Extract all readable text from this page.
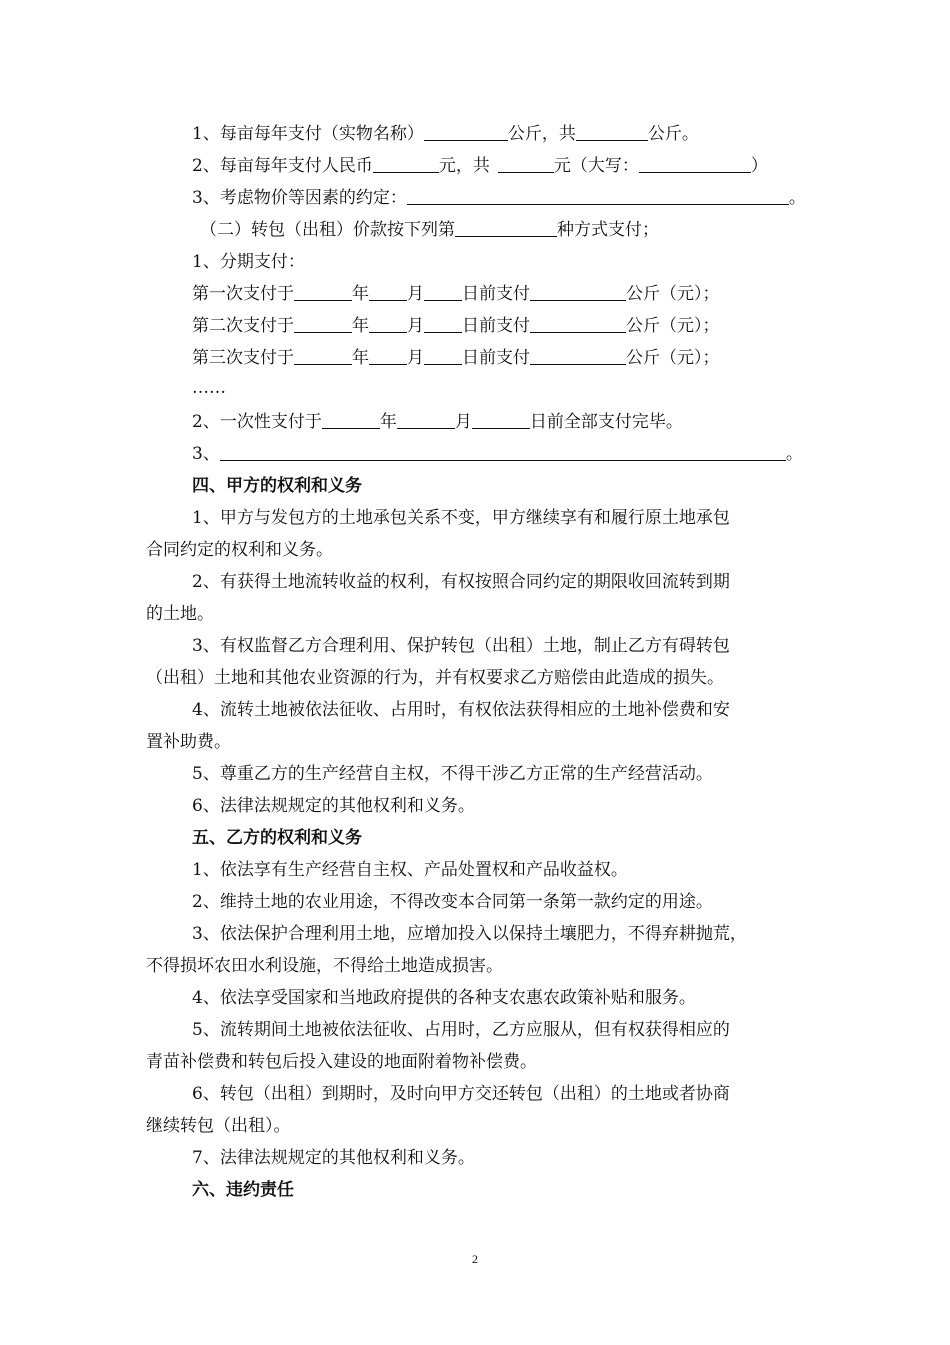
1、每亩每年支付（实物名称）	公斤，共	公斤。
2、每亩每年支付人民币	元，共	元（大写：	）
3、考虑物价等因素的约定：	。
（二）转包（出租）价款按下列第	种方式支付；
1、分期支付：
第一次支付于	年 月 日前支付	公斤（元）；
第二次支付于	年 月 日前支付	公斤（元）；
第三次支付于	年 月 日前支付	公斤（元）；
……
2、一次性支付于	年	月	日前全部支付完毕。
3、	。
四、甲方的权利和义务
1、甲方与发包方的土地承包关系不变，甲方继续享有和履行原土地承包
合同约定的权利和义务。
2、有获得土地流转收益的权利，有权按照合同约定的期限收回流转到期
的土地。
3、有权监督乙方合理利用、保护转包（出租）土地，制止乙方有碍转包
（出租）土地和其他农业资源的行为，并有权要求乙方赔偿由此造成的损失。
4、流转土地被依法征收、占用时，有权依法获得相应的土地补偿费和安
置补助费。
5、尊重乙方的生产经营自主权，不得干涉乙方正常的生产经营活动。
6、法律法规规定的其他权利和义务。
五、乙方的权利和义务
1、依法享有生产经营自主权、产品处置权和产品收益权。
2、维持土地的农业用途，不得改变本合同第一条第一款约定的用途。
3、依法保护合理利用土地，应增加投入以保持土壤肥力，不得弃耕抛荒，
不得损坏农田水利设施，不得给土地造成损害。
4、依法享受国家和当地政府提供的各种支农惠农政策补贴和服务。
5、流转期间土地被依法征收、占用时，乙方应服从，但有权获得相应的
青苗补偿费和转包后投入建设的地面附着物补偿费。
6、转包（出租）到期时，及时向甲方交还转包（出租）的土地或者协商
继续转包（出租）。
7、法律法规规定的其他权利和义务。
六、违约责任
2
